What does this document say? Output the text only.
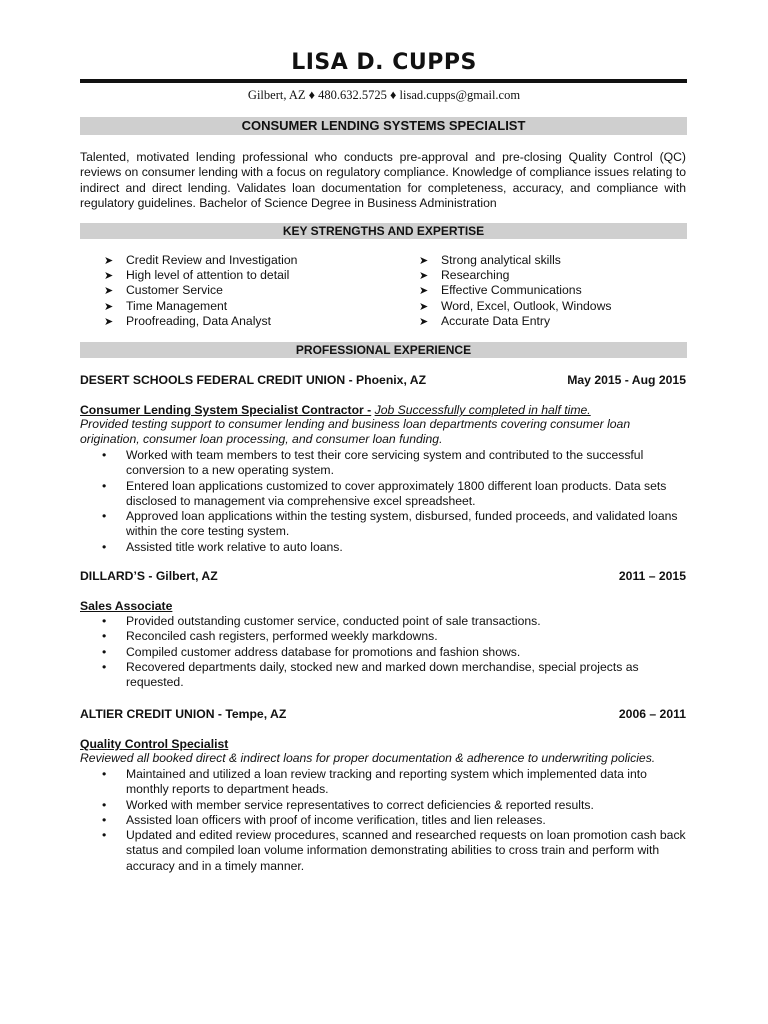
LISA D. CUPPS
Gilbert, AZ ♦ 480.632.5725 ♦ lisad.cupps@gmail.com
CONSUMER LENDING SYSTEMS SPECIALIST
Talented, motivated lending professional who conducts pre-approval and pre-closing Quality Control (QC) reviews on consumer lending with a focus on regulatory compliance. Knowledge of compliance issues relating to indirect and direct lending. Validates loan documentation for completeness, accuracy, and compliance with regulatory guidelines. Bachelor of Science Degree in Business Administration
KEY STRENGTHS AND EXPERTISE
➤ Credit Review and Investigation
➤ High level of attention to detail
➤ Customer Service
➤ Time Management
➤ Proofreading, Data Analyst
➤ Strong analytical skills
➤ Researching
➤ Effective Communications
➤ Word, Excel, Outlook, Windows
➤ Accurate Data Entry
PROFESSIONAL EXPERIENCE
DESERT SCHOOLS FEDERAL CREDIT UNION - Phoenix, AZ	May 2015 - Aug 2015
Consumer Lending System Specialist Contractor - Job Successfully completed in half time.
Provided testing support to consumer lending and business loan departments covering consumer loan origination, consumer loan processing, and consumer loan funding.
• Worked with team members to test their core servicing system and contributed to the successful conversion to a new operating system.
• Entered loan applications customized to cover approximately 1800 different loan products. Data sets disclosed to management via comprehensive excel spreadsheet.
• Approved loan applications within the testing system, disbursed, funded proceeds, and validated loans within the core testing system.
• Assisted title work relative to auto loans.
DILLARD’S - Gilbert, AZ	2011 – 2015
Sales Associate
• Provided outstanding customer service, conducted point of sale transactions.
• Reconciled cash registers, performed weekly markdowns.
• Compiled customer address database for promotions and fashion shows.
• Recovered departments daily, stocked new and marked down merchandise, special projects as requested.
ALTIER CREDIT UNION - Tempe, AZ	2006 – 2011
Quality Control Specialist
Reviewed all booked direct & indirect loans for proper documentation & adherence to underwriting policies.
• Maintained and utilized a loan review tracking and reporting system which implemented data into monthly reports to department heads.
• Worked with member service representatives to correct deficiencies & reported results.
• Assisted loan officers with proof of income verification, titles and lien releases.
• Updated and edited review procedures, scanned and researched requests on loan promotion cash back status and compiled loan volume information demonstrating abilities to cross train and perform with accuracy and in a timely manner.
